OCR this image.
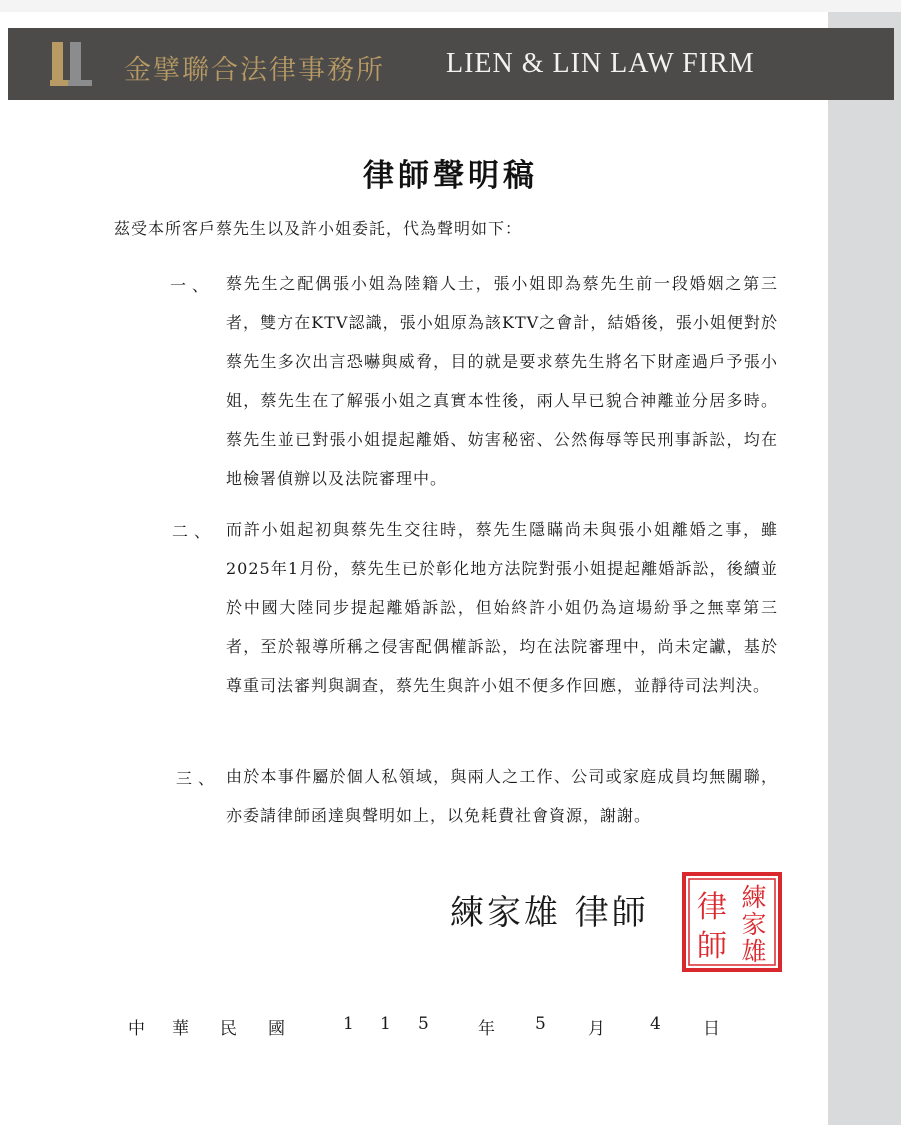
金擘聯合法律事務所 LIEN & LIN LAW FIRM
律師聲明稿
茲受本所客戶蔡先生以及許小姐委託，代為聲明如下：
一、 蔡先生之配偶張小姐為陸籍人士，張小姐即為蔡先生前一段婚姻之第三者，雙方在KTV認識，張小姐原為該KTV之會計，結婚後，張小姐便對於蔡先生多次出言恐嚇與威脅，目的就是要求蔡先生將名下財產過戶予張小姐，蔡先生在了解張小姐之真實本性後，兩人早已貌合神離並分居多時。蔡先生並已對張小姐提起離婚、妨害秘密、公然侮辱等民刑事訴訟，均在地檢署偵辦以及法院審理中。
二、 而許小姐起初與蔡先生交往時，蔡先生隱瞞尚未與張小姐離婚之事，雖2025年1月份，蔡先生已於彰化地方法院對張小姐提起離婚訴訟，後續並於中國大陸同步提起離婚訴訟，但始終許小姐仍為這場紛爭之無辜第三者，至於報導所稱之侵害配偶權訴訟，均在法院審理中，尚未定讞，基於尊重司法審判與調查，蔡先生與許小姐不便多作回應，並靜待司法判決。
三、 由於本事件屬於個人私領域，與兩人之工作、公司或家庭成員均無關聯，亦委請律師函達與聲明如上，以免耗費社會資源，謝謝。
練家雄 律師	練
家
雄
律
師
中 華 民 國	1 1 5	年 5 月	4 日
